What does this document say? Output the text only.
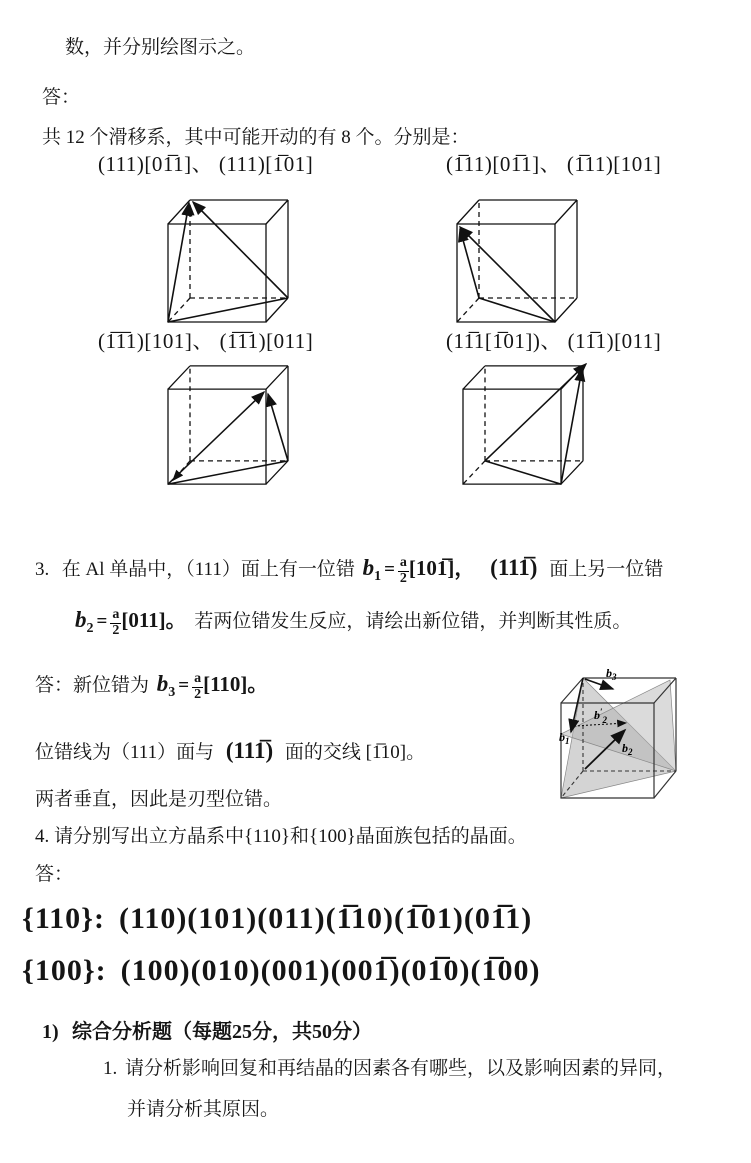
数，并分别绘图示之。
答：
共 12 个滑移系，其中可能开动的有 8 个。分别是：
(111)[01̅1]、 (111)[1̅01]	(1̅11)[01̅1]、 (1̅11)[101]
(1̅1̅1)[101]、 (1̅1̅1)[011]	(11̅1[1̅01])、 (11̅1)[011]
3. 在 Al 单晶中，（111）面上有一位错 $b_1 = \frac{a}{2}$ [101̅]， (111̅) 面上另一位错
$b_2 = \frac{a}{2} [011]$。 若两位错发生反应，请绘出新位错，并判断其性质。
答：新位错为 $b_3 = \frac{a}{2} [110]$。
位错线为（111）面与 (111̅) 面的交线 [1̅10]。
两者垂直，因此是刃型位错。
$b_3$
$b'_2$
$b_1$	$b_2$
4. 请分别写出立方晶系中{110}和{100}晶面族包括的晶面。
答：
{110}: (110)(101)(011)(1̅10)(1̅01)(01̅1)
{100}: (100)(010)(001)(001̅)(01̅0)(1̅00)
1) 综合分析题（每题25分，共50分）
1. 请分析影响回复和再结晶的因素各有哪些，以及影响因素的异同，
并请分析其原因。
